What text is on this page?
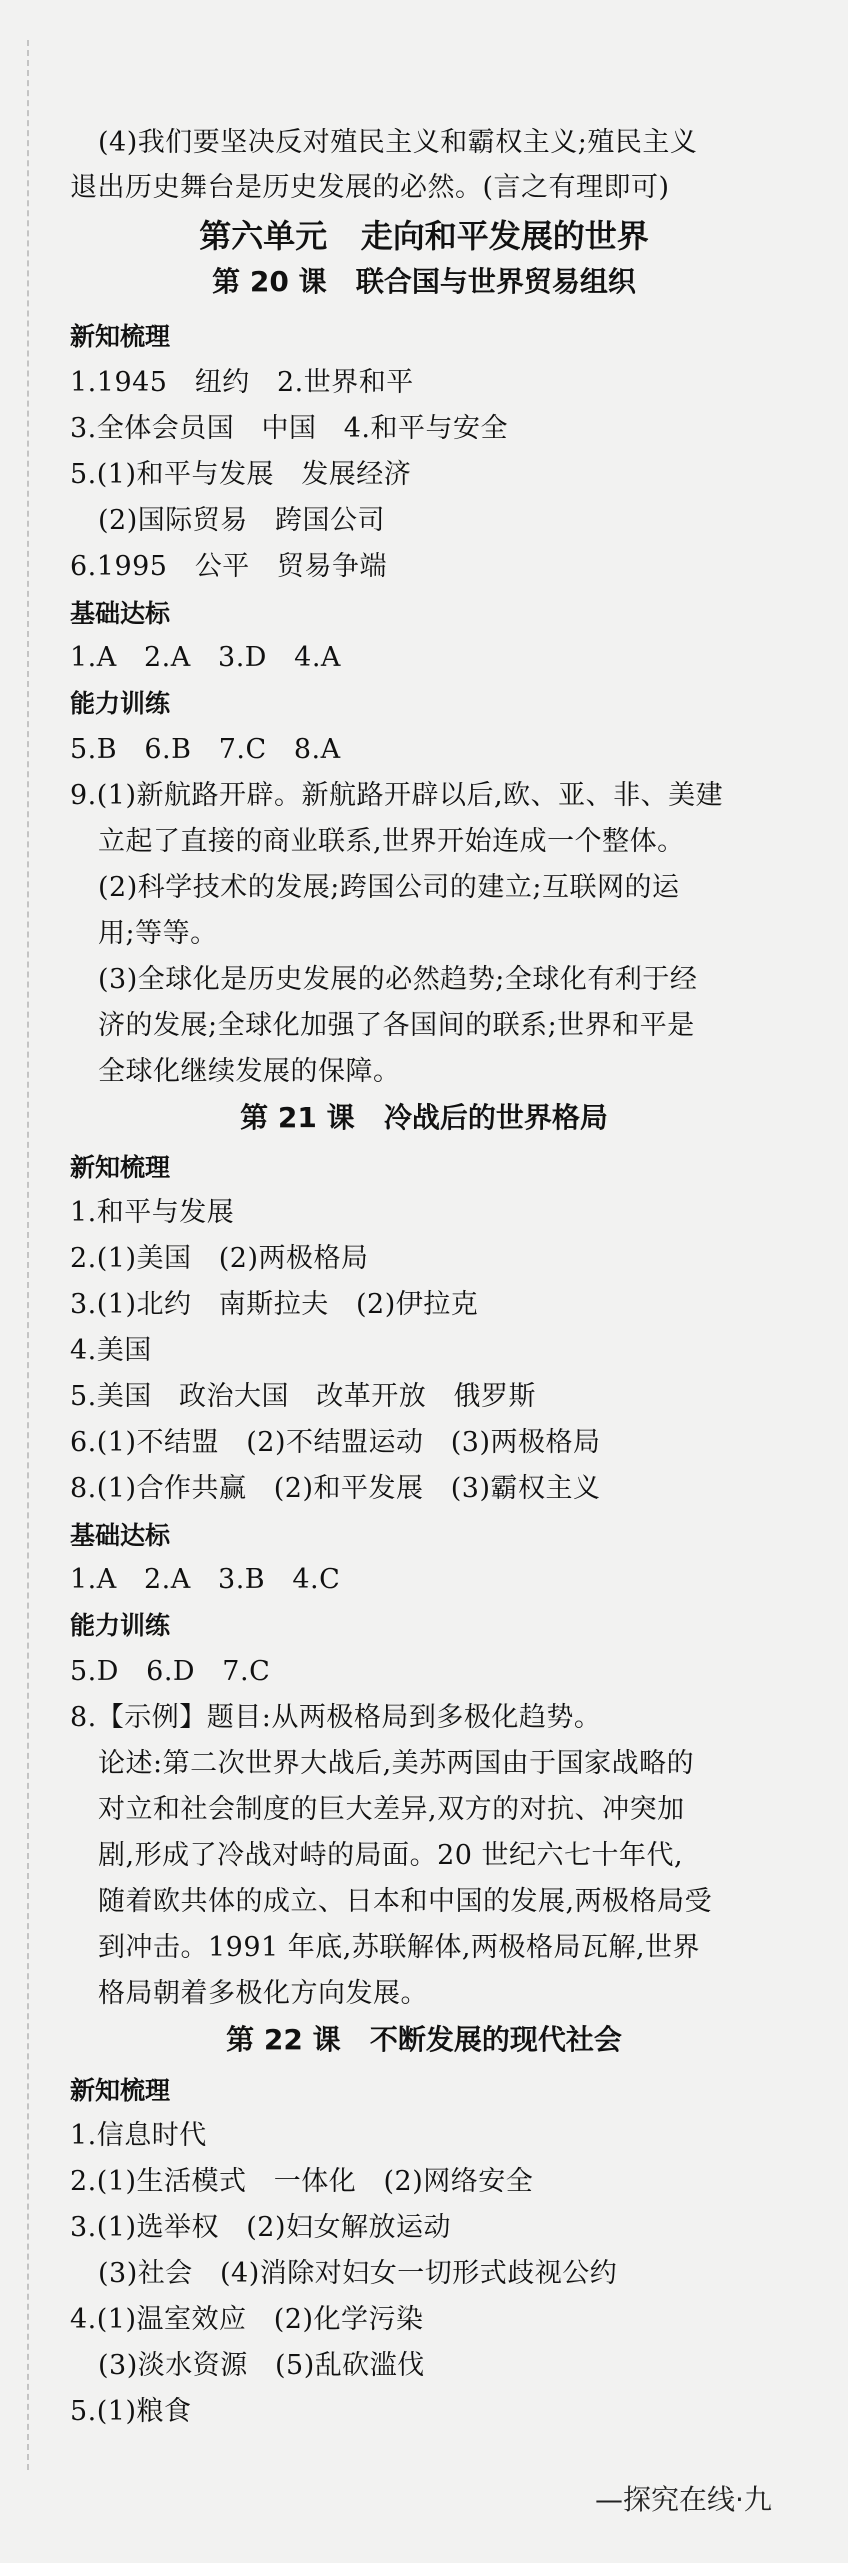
(4)我们要坚决反对殖民主义和霸权主义;殖民主义
退出历史舞台是历史发展的必然。(言之有理即可)
第六单元   走向和平发展的世界
第 20 课   联合国与世界贸易组织
新知梳理
1.1945   纽约   2.世界和平
3.全体会员国   中国   4.和平与安全
5.(1)和平与发展   发展经济
(2)国际贸易   跨国公司
6.1995   公平   贸易争端
基础达标
1.A   2.A   3.D   4.A
能力训练
5.B   6.B   7.C   8.A
9.(1)新航路开辟。新航路开辟以后,欧、亚、非、美建
立起了直接的商业联系,世界开始连成一个整体。
(2)科学技术的发展;跨国公司的建立;互联网的运
用;等等。
(3)全球化是历史发展的必然趋势;全球化有利于经
济的发展;全球化加强了各国间的联系;世界和平是
全球化继续发展的保障。
第 21 课   冷战后的世界格局
新知梳理
1.和平与发展
2.(1)美国   (2)两极格局
3.(1)北约   南斯拉夫   (2)伊拉克
4.美国
5.美国   政治大国   改革开放   俄罗斯
6.(1)不结盟   (2)不结盟运动   (3)两极格局
8.(1)合作共赢   (2)和平发展   (3)霸权主义
基础达标
1.A   2.A   3.B   4.C
能力训练
5.D   6.D   7.C
8.【示例】题目:从两极格局到多极化趋势。
论述:第二次世界大战后,美苏两国由于国家战略的
对立和社会制度的巨大差异,双方的对抗、冲突加
剧,形成了冷战对峙的局面。20 世纪六七十年代,
随着欧共体的成立、日本和中国的发展,两极格局受
到冲击。1991 年底,苏联解体,两极格局瓦解,世界
格局朝着多极化方向发展。
第 22 课   不断发展的现代社会
新知梳理
1.信息时代
2.(1)生活模式   一体化   (2)网络安全
3.(1)选举权   (2)妇女解放运动
(3)社会   (4)消除对妇女一切形式歧视公约
4.(1)温室效应   (2)化学污染
(3)淡水资源   (5)乱砍滥伐
5.(1)粮食
—探究在线·九
